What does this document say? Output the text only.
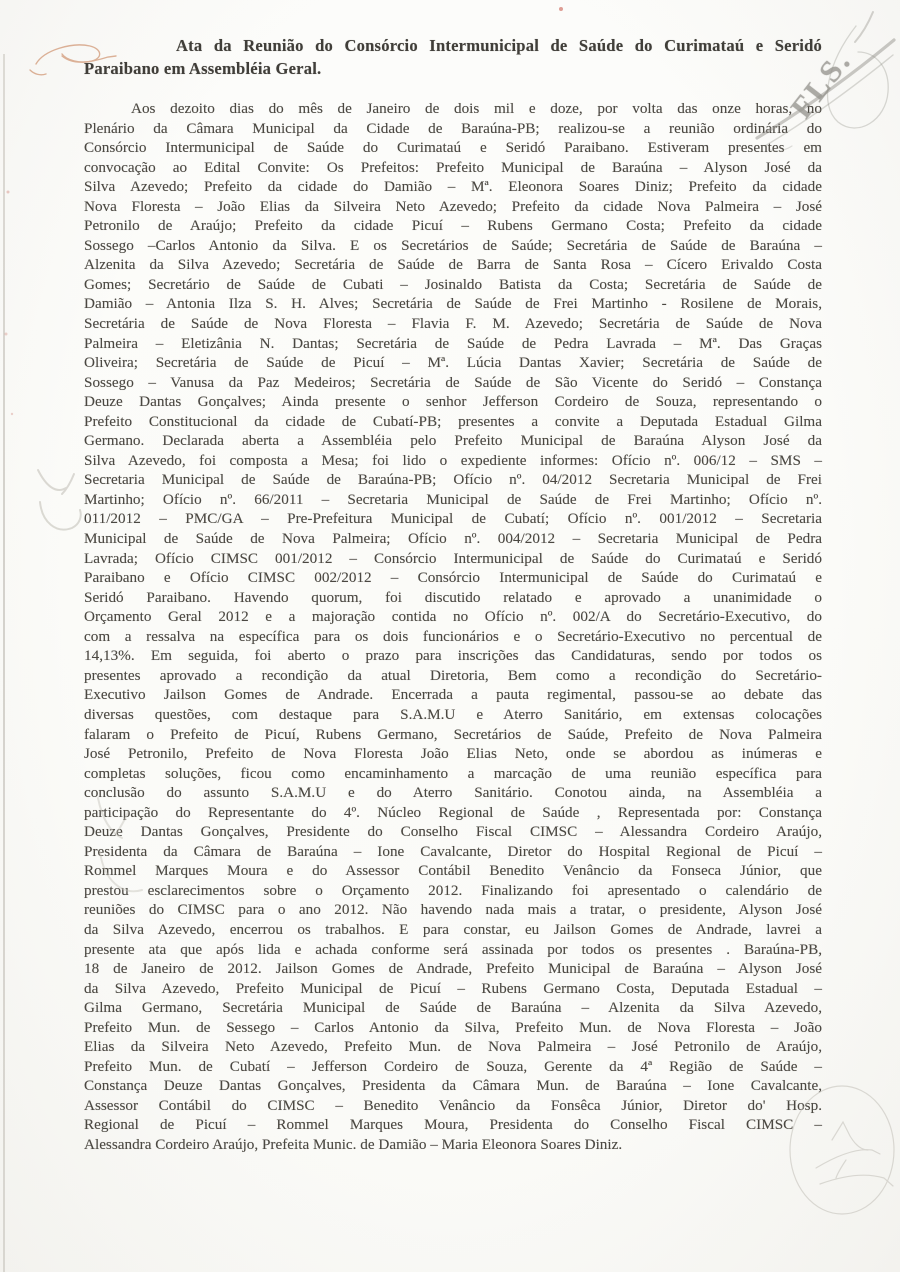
Ata da Reunião do Consórcio Intermunicipal de Saúde do Curimataú e Seridó
Paraibano em Assembléia Geral.
Aos dezoito dias do mês de Janeiro de dois mil e doze, por volta das onze horas, no
Plenário da Câmara Municipal da Cidade de Baraúna-PB; realizou-se a reunião ordinária do
Consórcio Intermunicipal de Saúde do Curimataú e Seridó Paraibano. Estiveram presentes em
convocação ao Edital Convite: Os Prefeitos: Prefeito Municipal de Baraúna – Alyson José da
Silva Azevedo; Prefeito da cidade do Damião – Mª. Eleonora Soares Diniz; Prefeito da cidade
Nova Floresta – João Elias da Silveira Neto Azevedo; Prefeito da cidade Nova Palmeira – José
Petronilo de Araújo; Prefeito da cidade Picuí – Rubens Germano Costa; Prefeito da cidade
Sossego –Carlos Antonio da Silva. E os Secretários de Saúde; Secretária de Saúde de Baraúna –
Alzenita da Silva Azevedo; Secretária de Saúde de Barra de Santa Rosa – Cícero Erivaldo Costa
Gomes; Secretário de Saúde de Cubati – Josinaldo Batista da Costa; Secretária de Saúde de
Damião – Antonia Ilza S. H. Alves; Secretária de Saúde de Frei Martinho - Rosilene de Morais,
Secretária de Saúde de Nova Floresta – Flavia F. M. Azevedo; Secretária de Saúde de Nova
Palmeira – Eletizânia N. Dantas; Secretária de Saúde de Pedra Lavrada – Mª. Das Graças
Oliveira; Secretária de Saúde de Picuí – Mª. Lúcia Dantas Xavier; Secretária de Saúde de
Sossego – Vanusa da Paz Medeiros; Secretária de Saúde de São Vicente do Seridó – Constança
Deuze Dantas Gonçalves; Ainda presente o senhor Jefferson Cordeiro de Souza, representando o
Prefeito Constitucional da cidade de Cubatí-PB; presentes a convite a Deputada Estadual Gilma
Germano. Declarada aberta a Assembléia pelo Prefeito Municipal de Baraúna Alyson José da
Silva Azevedo, foi composta a Mesa; foi lido o expediente informes: Ofício nº. 006/12 – SMS –
Secretaria Municipal de Saúde de Baraúna-PB; Ofício nº. 04/2012 Secretaria Municipal de Frei
Martinho; Ofício nº. 66/2011 – Secretaria Municipal de Saúde de Frei Martinho; Ofício nº.
011/2012 – PMC/GA – Pre-Prefeitura Municipal de Cubatí; Ofício nº. 001/2012 – Secretaria
Municipal de Saúde de Nova Palmeira; Ofício nº. 004/2012 – Secretaria Municipal de Pedra
Lavrada; Ofício CIMSC 001/2012 – Consórcio Intermunicipal de Saúde do Curimataú e Seridó
Paraibano e Ofício CIMSC 002/2012 – Consórcio Intermunicipal de Saúde do Curimataú e
Seridó Paraibano. Havendo quorum, foi discutido relatado e aprovado a unanimidade o
Orçamento Geral 2012 e a majoração contida no Ofício nº. 002/A do Secretário-Executivo, do
com a ressalva na específica para os dois funcionários e o Secretário-Executivo no percentual de
14,13%. Em seguida, foi aberto o prazo para inscrições das Candidaturas, sendo por todos os
presentes aprovado a recondição da atual Diretoria, Bem como a recondição do Secretário-
Executivo Jailson Gomes de Andrade. Encerrada a pauta regimental, passou-se ao debate das
diversas questões, com destaque para S.A.M.U e Aterro Sanitário, em extensas colocações
falaram o Prefeito de Picuí, Rubens Germano, Secretários de Saúde, Prefeito de Nova Palmeira
José Petronilo, Prefeito de Nova Floresta João Elias Neto, onde se abordou as inúmeras e
completas soluções, ficou como encaminhamento a marcação de uma reunião específica para
conclusão do assunto S.A.M.U e do Aterro Sanitário. Conotou ainda, na Assembléia a
participação do Representante do 4º. Núcleo Regional de Saúde , Representada por: Constança
Deuze Dantas Gonçalves, Presidente do Conselho Fiscal CIMSC – Alessandra Cordeiro Araújo,
Presidenta da Câmara de Baraúna – Ione Cavalcante, Diretor do Hospital Regional de Picuí –
Rommel Marques Moura e do Assessor Contábil Benedito Venâncio da Fonseca Júnior, que
prestou esclarecimentos sobre o Orçamento 2012. Finalizando foi apresentado o calendário de
reuniões do CIMSC para o ano 2012. Não havendo nada mais a tratar, o presidente, Alyson José
da Silva Azevedo, encerrou os trabalhos. E para constar, eu Jailson Gomes de Andrade, lavrei a
presente ata que após lida e achada conforme será assinada por todos os presentes . Baraúna-PB,
18 de Janeiro de 2012. Jailson Gomes de Andrade, Prefeito Municipal de Baraúna – Alyson José
da Silva Azevedo, Prefeito Municipal de Picuí – Rubens Germano Costa, Deputada Estadual –
Gilma Germano, Secretária Municipal de Saúde de Baraúna – Alzenita da Silva Azevedo,
Prefeito Mun. de Sessego – Carlos Antonio da Silva, Prefeito Mun. de Nova Floresta – João
Elias da Silveira Neto Azevedo, Prefeito Mun. de Nova Palmeira – José Petronilo de Araújo,
Prefeito Mun. de Cubatí – Jefferson Cordeiro de Souza, Gerente da 4ª Região de Saúde –
Constança Deuze Dantas Gonçalves, Presidenta da Câmara Mun. de Baraúna – Ione Cavalcante,
Assessor Contábil do CIMSC – Benedito Venâncio da Fonsêca Júnior, Diretor do' Hosp.
Regional de Picuí – Rommel Marques Moura, Presidenta do Conselho Fiscal CIMSC –
Alessandra Cordeiro Araújo, Prefeita Munic. de Damião – Maria Eleonora Soares Diniz.
FLS.
